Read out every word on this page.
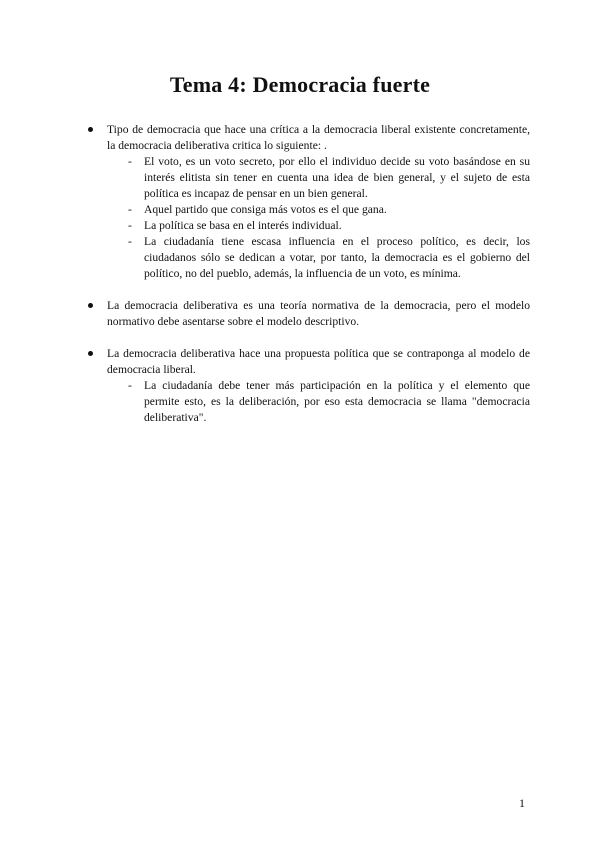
Tema 4: Democracia fuerte
Tipo de democracia que hace una crítica a la democracia liberal existente concretamente, la democracia deliberativa critica lo siguiente: .
- El voto, es un voto secreto, por ello el individuo decide su voto basándose en su interés elitista sin tener en cuenta una idea de bien general, y el sujeto de esta política es incapaz de pensar en un bien general.
- Aquel partido que consiga más votos es el que gana.
- La política se basa en el interés individual.
- La ciudadanía tiene escasa influencia en el proceso político, es decir, los ciudadanos sólo se dedican a votar, por tanto, la democracia es el gobierno del político, no del pueblo, además, la influencia de un voto, es mínima.
La democracia deliberativa es una teoría normativa de la democracia, pero el modelo normativo debe asentarse sobre el modelo descriptivo.
La democracia deliberativa hace una propuesta política que se contraponga al modelo de democracia liberal.
- La ciudadanía debe tener más participación en la política y el elemento que permite esto, es la deliberación, por eso esta democracia se llama "democracia deliberativa".
1
